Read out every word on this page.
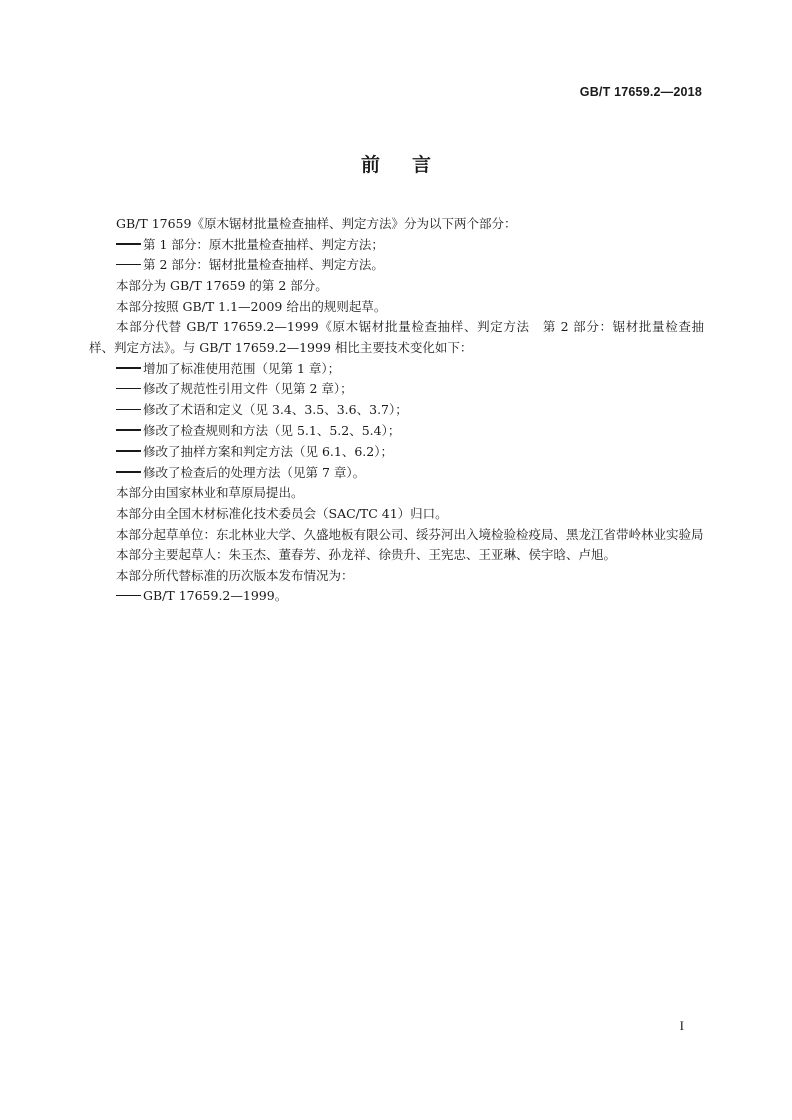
GB/T 17659.2—2018
前言

GB/T 17659《原木锯材批量检查抽样、判定方法》分为以下两个部分：

第 1 部分：原木批量检查抽样、判定方法；

第 2 部分：锯材批量检查抽样、判定方法。

本部分为 GB/T 17659 的第 2 部分。

本部分按照 GB/T 1.1—2009 给出的规则起草。

本部分代替 GB/T 17659.2—1999《原木锯材批量检查抽样、判定方法　第 2 部分：锯材批量检查抽样、判定方法》。与 GB/T 17659.2—1999 相比主要技术变化如下：

增加了标准使用范围（见第 1 章）；

修改了规范性引用文件（见第 2 章）；

修改了术语和定义（见 3.4、3.5、3.6、3.7）；

修改了检查规则和方法（见 5.1、5.2、5.4）；

修改了抽样方案和判定方法（见 6.1、6.2）；

修改了检查后的处理方法（见第 7 章）。

本部分由国家林业和草原局提出。

本部分由全国木材标准化技术委员会（SAC/TC 41）归口。

本部分起草单位：东北林业大学、久盛地板有限公司、绥芬河出入境检验检疫局、黑龙江省带岭林业实验局

本部分主要起草人：朱玉杰、董春芳、孙龙祥、徐贵升、王宪忠、王亚琳、侯宇晗、卢旭。

本部分所代替标准的历次版本发布情况为：

GB/T 17659.2—1999。

I
